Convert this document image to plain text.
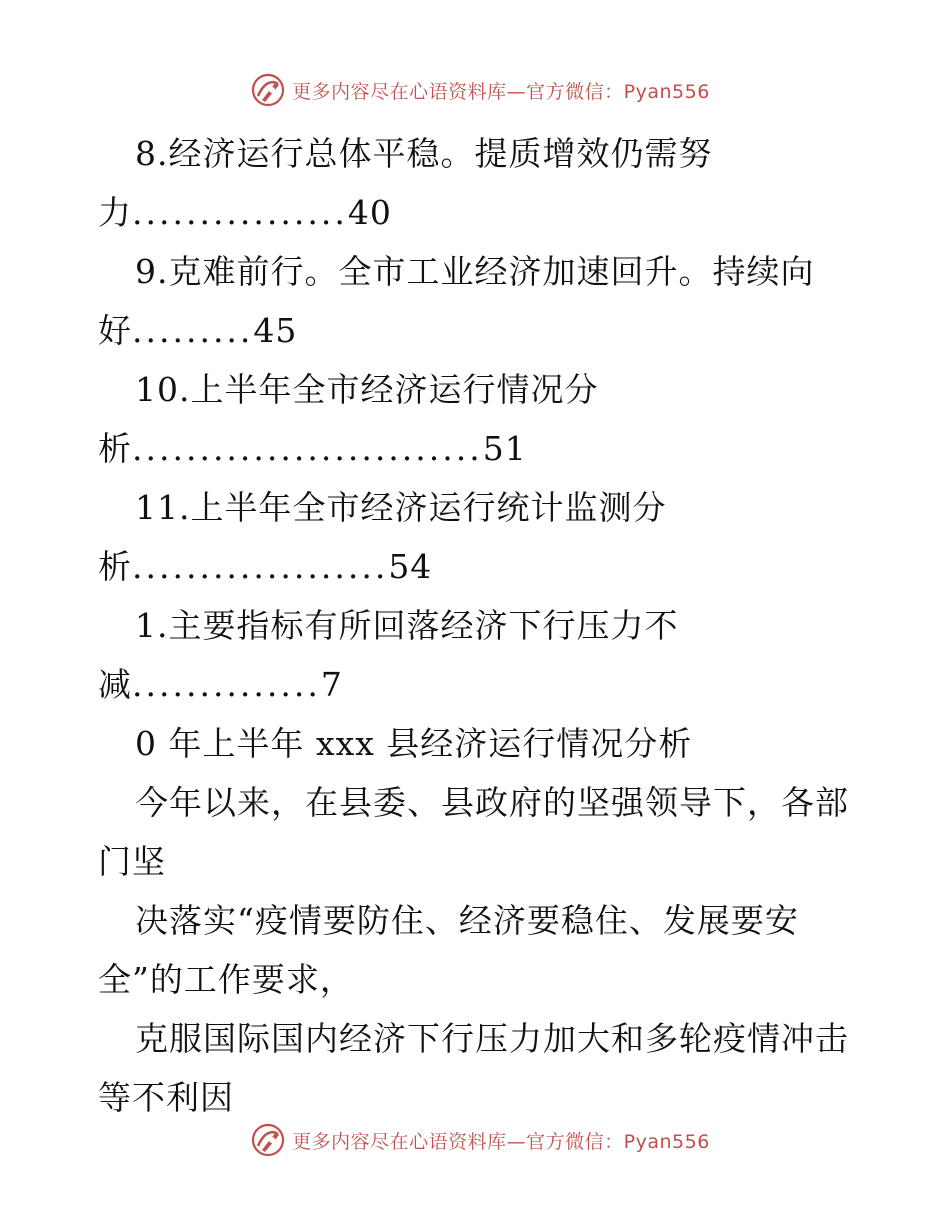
更多内容尽在心语资料库—官方微信：Pyan556
8.经济运行总体平稳。提质增效仍需努
力................40
9.克难前行。全市工业经济加速回升。持续向
好.........45
10.上半年全市经济运行情况分
析..........................51
11.上半年全市经济运行统计监测分
析...................54
1.主要指标有所回落经济下行压力不
减..............7
0 年上半年 xxx 县经济运行情况分析
今年以来，在县委、县政府的坚强领导下，各部
门坚
决落实“疫情要防住、经济要稳住、发展要安
全”的工作要求，
克服国际国内经济下行压力加大和多轮疫情冲击
等不利因
更多内容尽在心语资料库—官方微信：Pyan556
